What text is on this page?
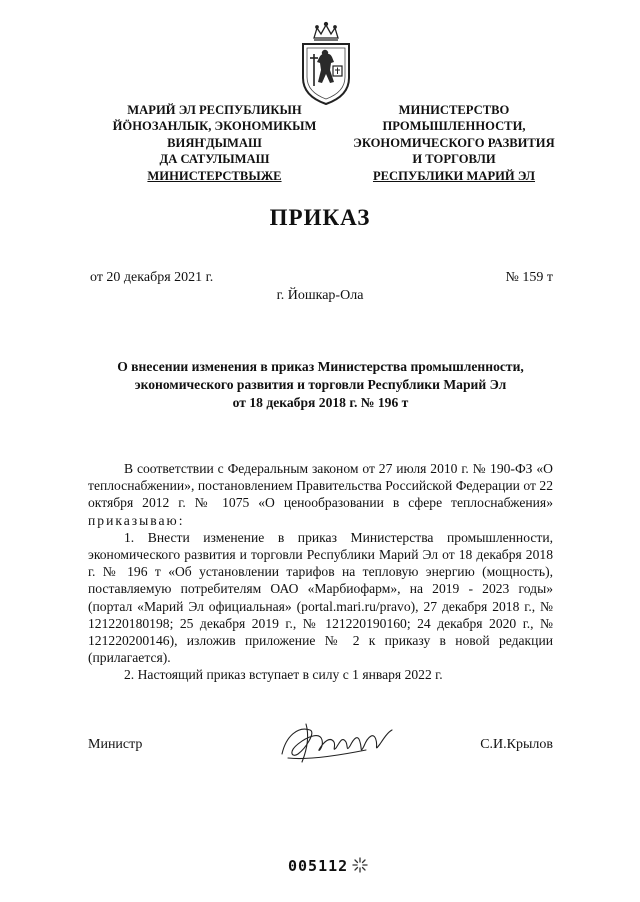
МАРИЙ ЭЛ РЕСПУБЛИКЫН
ЙӦНОЗАНЛЫК, ЭКОНОМИКЫМ
ВИЯҤДЫМАШ
ДА САТУЛЫМАШ
МИНИСТЕРСТВЫЖЕ
МИНИСТЕРСТВО
ПРОМЫШЛЕННОСТИ,
ЭКОНОМИЧЕСКОГО РАЗВИТИЯ
И ТОРГОВЛИ
РЕСПУБЛИКИ МАРИЙ ЭЛ
ПРИКАЗ
от 20 декабря 2021 г.	№ 159 т
г. Йошкар-Ола
О внесении изменения в приказ Министерства промышленности,
экономического развития и торговли Республики Марий Эл
от 18 декабря 2018 г. № 196 т

В соответствии с Федеральным законом от 27 июля 2010 г. № 190-ФЗ «О теплоснабжении», постановлением Правительства Российской Федерации от 22 октября 2012 г. № 1075 «О ценообразовании в сфере теплоснабжения» приказываю:

1. Внести изменение в приказ Министерства промышленности, экономического развития и торговли Республики Марий Эл от 18 декабря 2018 г. № 196 т «Об установлении тарифов на тепловую энергию (мощность), поставляемую потребителям ОАО «Марбиофарм», на 2019 - 2023 годы» (портал «Марий Эл официальная» (portal.mari.ru/pravo), 27 декабря 2018 г., № 121220180198; 25 декабря 2019 г., № 121220190160; 24 декабря 2020 г., № 121220200146), изложив приложение № 2 к приказу в новой редакции (прилагается).

2. Настоящий приказ вступает в силу с 1 января 2022 г.

Министр	С.И.Крылов
005112
